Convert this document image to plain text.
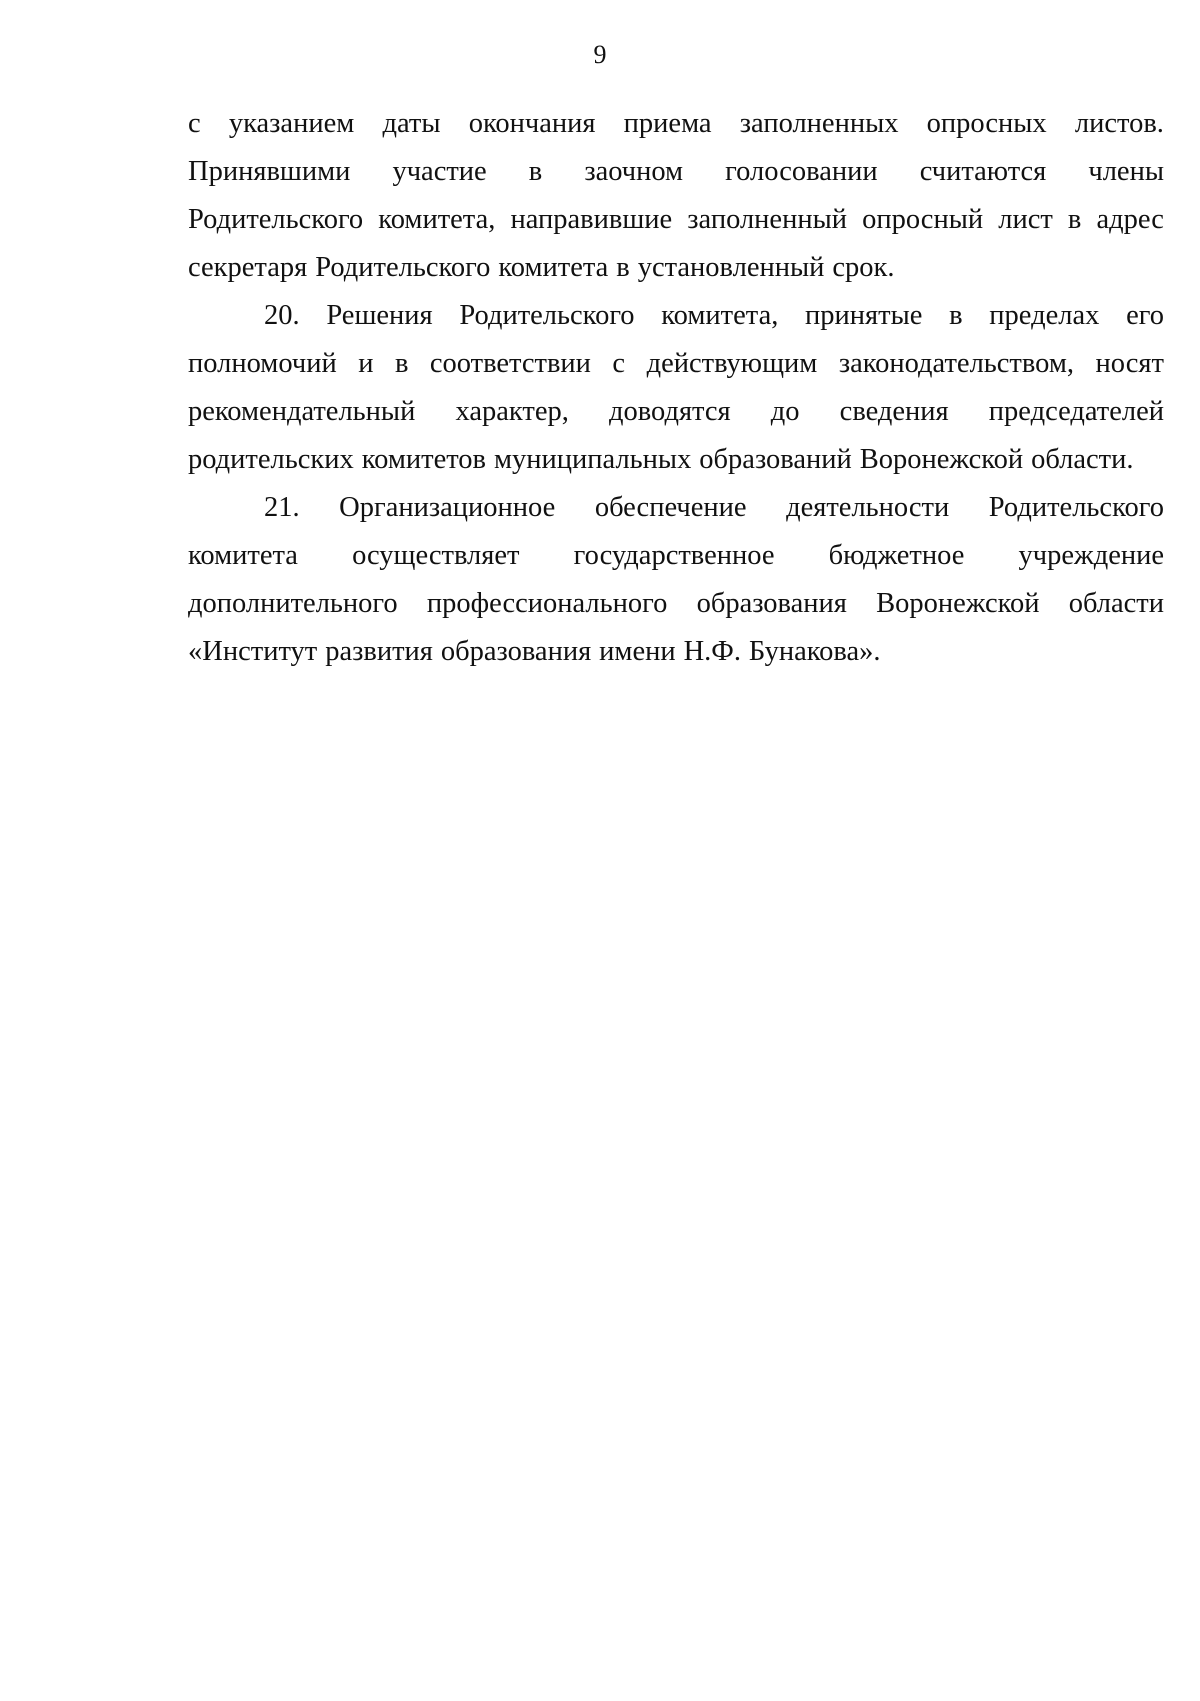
9
с указанием даты окончания приема заполненных опросных листов.
Принявшими участие в заочном голосовании считаются члены
Родительского комитета, направившие заполненный опросный лист в адрес
секретаря Родительского комитета в установленный срок.
20. Решения Родительского комитета, принятые в пределах его
полномочий и в соответствии с действующим законодательством, носят
рекомендательный характер, доводятся до сведения председателей
родительских комитетов муниципальных образований Воронежской области.
21. Организационное обеспечение деятельности Родительского
комитета осуществляет государственное бюджетное учреждение
дополнительного профессионального образования Воронежской области
«Институт развития образования имени Н.Ф. Бунакова».
